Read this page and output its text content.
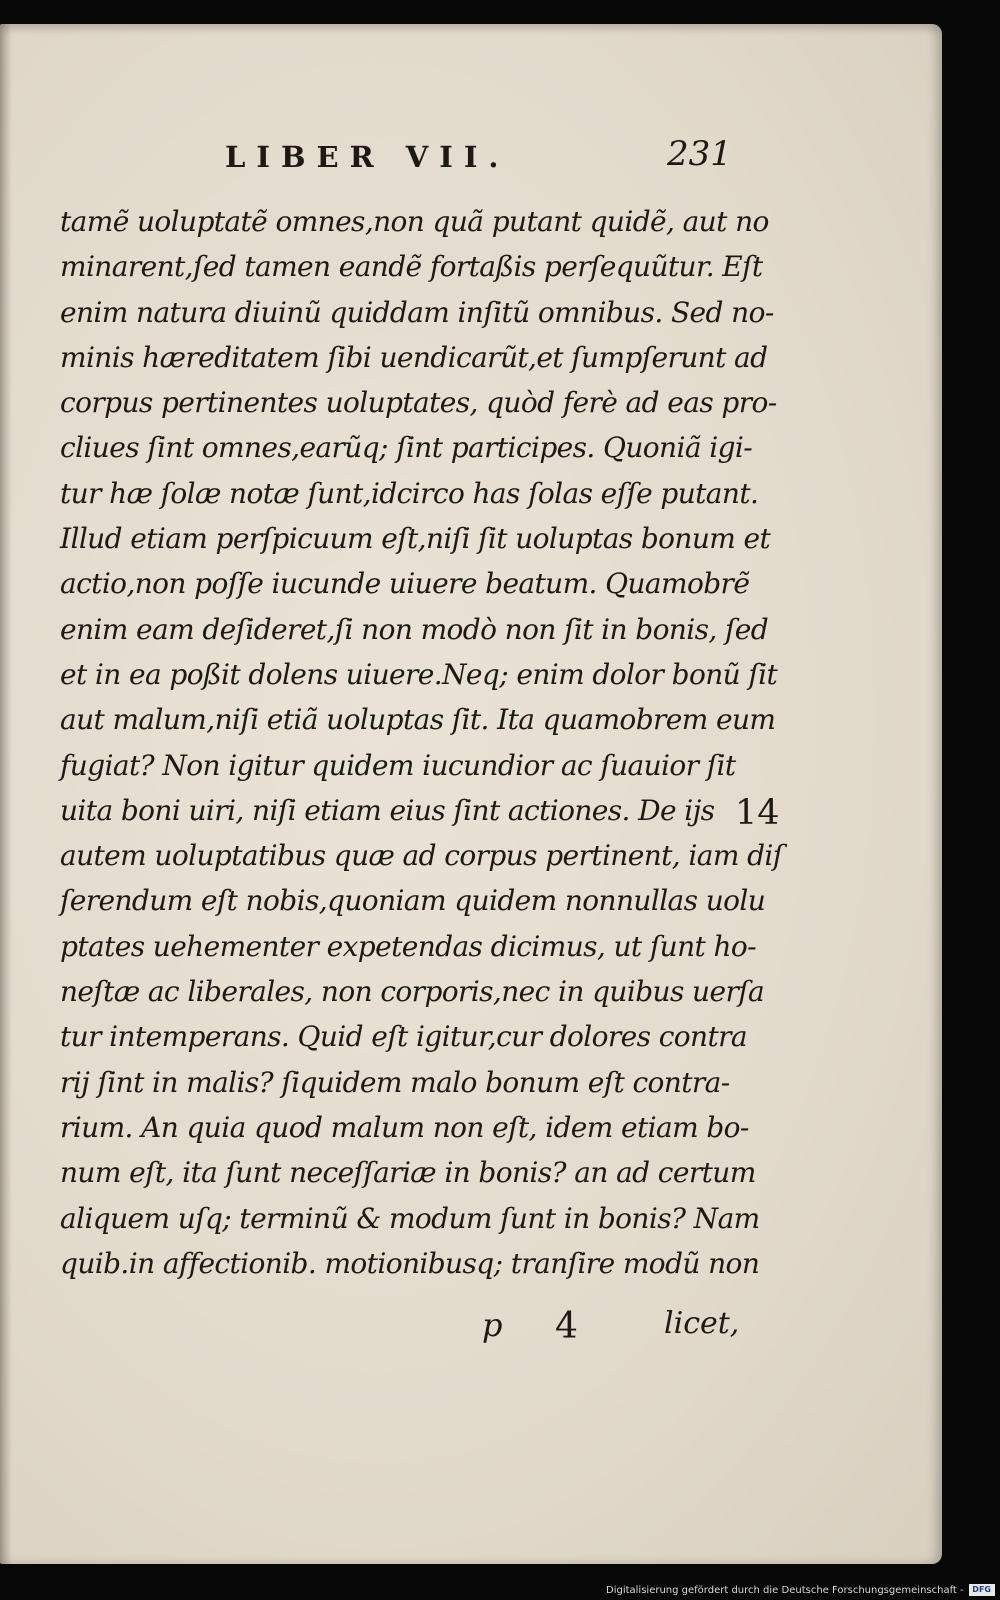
LIBER VII.	231
tamẽ uoluptatẽ omnes,non quã putant quidẽ, aut no
minarent,ſed tamen eandẽ fortaßis perſequũtur. Eſt
enim natura diuinũ quiddam inſitũ omnibus. Sed no-
minis hæreditatem ſibi uendicarũt,et ſumpſerunt ad
corpus pertinentes uoluptates, quòd ferè ad eas pro-
cliues ſint omnes,earũq; ſint participes. Quoniã igi-
tur hæ ſolæ notæ ſunt,idcirco has ſolas eſſe putant.
Illud etiam perſpicuum eſt,niſi ſit uoluptas bonum et
actio,non poſſe iucunde uiuere beatum. Quamobrẽ
enim eam deſideret,ſi non modò non ſit in bonis, ſed
et in ea poßit dolens uiuere.Neq; enim dolor bonũ ſit
aut malum,niſi etiã uoluptas ſit. Ita quamobrem eum
fugiat? Non igitur quidem iucundior ac ſuauior ſit
uita boni uiri, niſi etiam eius ſint actiones. De ijs
autem uoluptatibus quæ ad corpus pertinent, iam diſ
ſerendum eſt nobis,quoniam quidem nonnullas uolu
ptates uehementer expetendas dicimus, ut ſunt ho-
neſtæ ac liberales, non corporis,nec in quibus uerſa
tur intemperans. Quid eſt igitur,cur dolores contra
rij ſint in malis? ſiquidem malo bonum eſt contra-
rium. An quia quod malum non eſt, idem etiam bo-
num eſt, ita ſunt neceſſariæ in bonis? an ad certum
aliquem uſq; terminũ & modum ſunt in bonis? Nam
quib.in affectionib. motionibusq; tranſire modũ non
14
p 4	licet,
Digitalisierung gefördert durch die Deutsche Forschungsgemeinschaft -	DFG
